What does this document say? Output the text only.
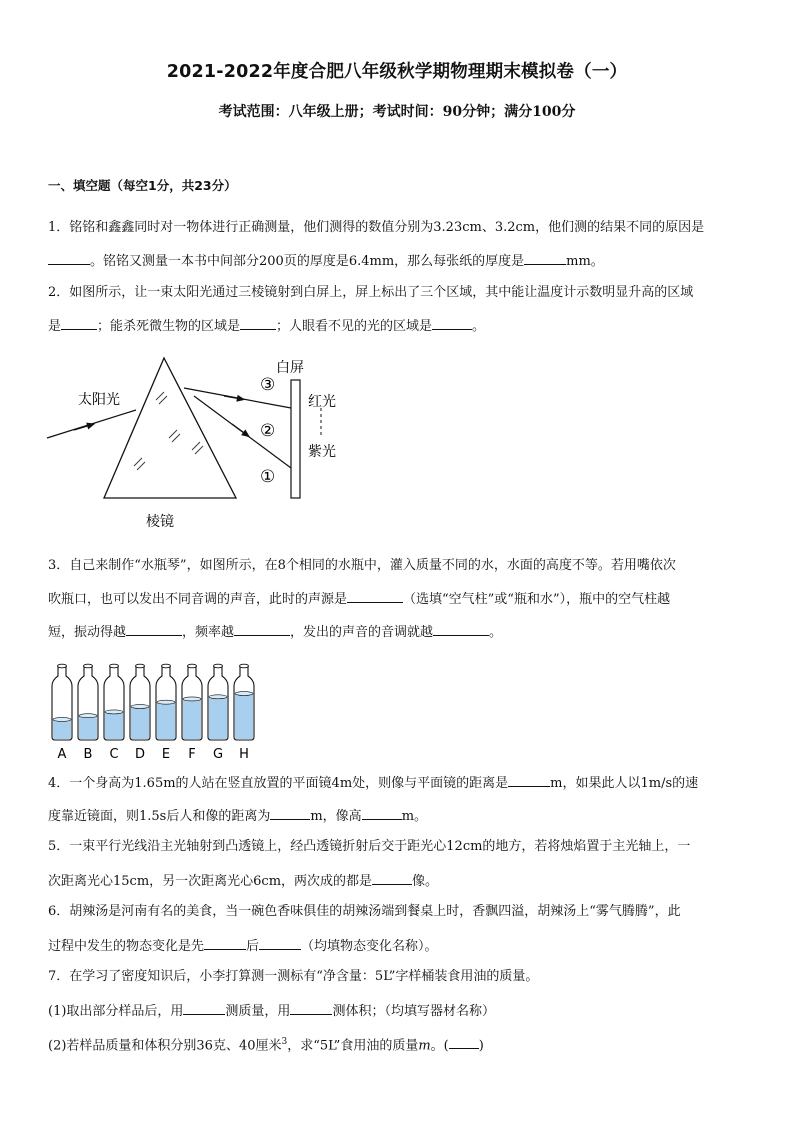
2021-2022年度合肥八年级秋学期物理期末模拟卷（一）
考试范围：八年级上册；考试时间：90分钟；满分100分
一、填空题（每空1分，共23分）
1．铭铭和鑫鑫同时对一物体进行正确测量，他们测得的数值分别为3.23cm、3.2cm，他们测的结果不同的原因是
。铭铭又测量一本书中间部分200页的厚度是6.4mm，那么每张纸的厚度是	mm。
2．如图所示，让一束太阳光通过三棱镜射到白屏上，屏上标出了三个区域，其中能让温度计示数明显升高的区域
是	；能杀死微生物的区域是	；人眼看不见的光的区域是	。
太阳光
棱镜
白屏
红光
紫光
③
②
①
3．自己来制作“水瓶琴”，如图所示，在8个相同的水瓶中，灌入质量不同的水，水面的高度不等。若用嘴依次
吹瓶口，也可以发出不同音调的声音，此时的声源是	（选填“空气柱”或“瓶和水”），瓶中的空气柱越
短，振动得越	，频率越	，发出的声音的音调就越	。
A B C D E F G H
4．一个身高为1.65m的人站在竖直放置的平面镜4m处，则像与平面镜的距离是	m，如果此人以1m/s的速
度靠近镜面，则1.5s后人和像的距离为	m，像高	m。
5．一束平行光线沿主光轴射到凸透镜上，经凸透镜折射后交于距光心12cm的地方，若将烛焰置于主光轴上，一
次距离光心15cm，另一次距离光心6cm，两次成的都是	像。
6．胡辣汤是河南有名的美食，当一碗色香味俱佳的胡辣汤端到餐桌上时，香飘四溢，胡辣汤上“雾气腾腾”，此
过程中发生的物态变化是先	后	（均填物态变化名称）。
7．在学习了密度知识后，小李打算测一测标有“净含量：5L”字样桶装食用油的质量。
(1)取出部分样品后，用	测质量，用	测体积；（均填写器材名称）
(2)若样品质量和体积分别36克、40厘米$^3$，求“5L”食用油的质量m。( )
